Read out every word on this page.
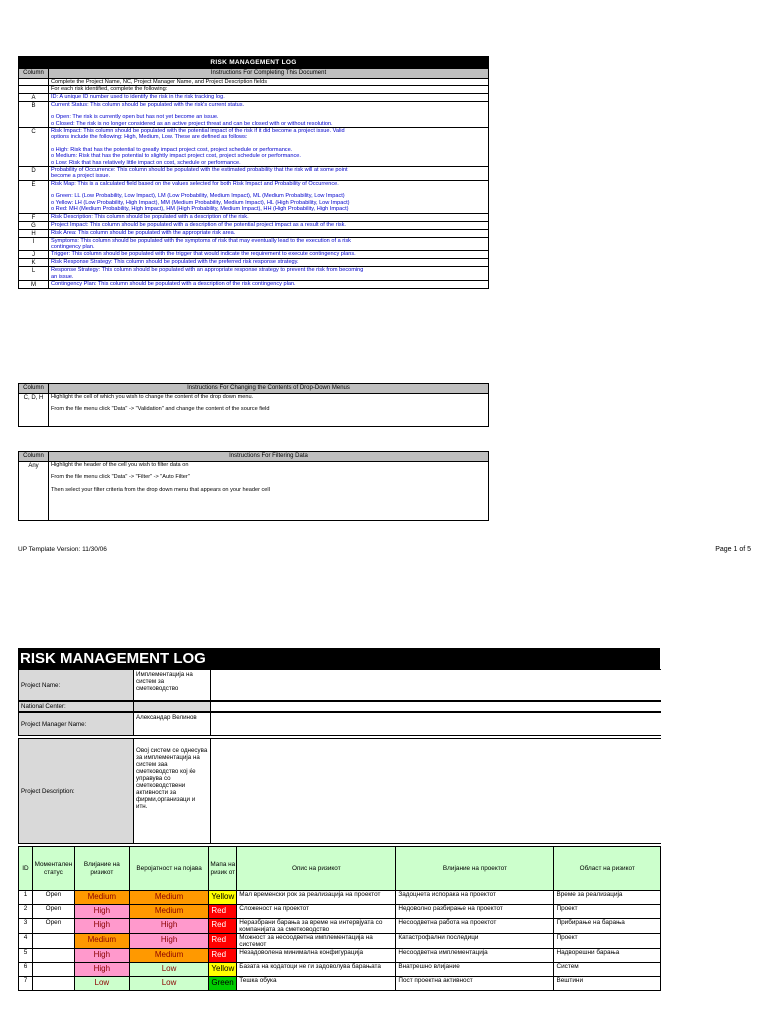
RISK MANAGEMENT LOG
Column	Instructions For Completing This Document

Complete the Project Name, NC, Project Manager Name, and Project Description fields

For each risk identified, complete the following:

A	ID: A unique ID number used to identify the risk in the risk tracking log.

B	Current Status: This column should be populated with the risk's current status.

o Open: The risk is currently open but has not yet become an issue.

o Closed: The risk is no longer considered as an active project threat and can be closed with or without resolution.

C	Risk Impact: This column should be populated with the potential impact of the risk if it did become a project issue. Valid

options include the following: High, Medium, Low. These are defined as follows:

o High: Risk that has the potential to greatly impact project cost, project schedule or performance.

o Medium: Risk that has the potential to slightly impact project cost, project schedule or performance.

o Low: Risk that has relatively little impact on cost, schedule or performance.

D	Probability of Occurrence: This column should be populated with the estimated probability that the risk will at some point

become a project issue.

E	Risk Map: This is a calculated field based on the values selected for both Risk Impact and Probability of Occurrence.

o Green: LL (Low Probability, Low Impact), LM (Low Probability, Medium Impact), ML (Medium Probability, Low Impact)

o Yellow: LH (Low Probability, High Impact), MM (Medium Probability, Medium Impact), HL (High Probability, Low Impact)

o Red: MH (Medium Probability, High Impact), HM (High Probability, Medium Impact), HH (High Probability, High Impact)

F	Risk Description: This column should be populated with a description of the risk.

G	Project Impact: This column should be populated with a description of the potential project impact as a result of the risk.

H	Risk Area: This column should be populated with the appropriate risk area.

I	Symptoms: This column should be populated with the symptoms of risk that may eventually lead to the execution of a risk

contingency plan.

J	Trigger: This column should be populated with the trigger that would indicate the requirement to execute contingency plans.

K	Risk Response Strategy: This column should be populated with the preferred risk response strategy.

L	Response Strategy: This column should be populated with an appropriate response strategy to prevent the risk from becoming

an issue.

M	Contingency Plan: This column should be populated with a description of the risk contingency plan.

Column	Instructions For Changing the Contents of Drop-Down Menus
C, D, H	Highlight the cell of which you wish to change the content of the drop down menu.

From the file menu click "Data" -> "Validation" and change the content of the source field

Column	Instructions For Filtering Data
Any	Highlight the header of the cell you wish to filter data on

From the file menu click "Data" -> "Filter" -> "Auto Filter"

Then select your filter criteria from the drop down menu that appears on your header cell

UP Template Version: 11/30/06	Page 1 of 5
RISK MANAGEMENT LOG
Project Name:
Имплементација на систем за сметководство
National Center:
Project Manager Name:
Александар Велинов
Project Description:
Овој систем се однесува за имплементација на систем заа сметководство кој ќе управува со сметководствени активности за фирми,организаци и итн.
ID	Моментален статус	Влијание на ризикот	Веројатност на појава	Мапа на ризик от	Опис на ризикот	Влијание на проектот	Област на ризикот
1	Open	Medium	Medium	Yellow	Мал временски рок за реализација на проектот	Задоцнета испорака на проектот	Време за реализација
2	Open	High	Medium	Red	Сложеност на проектот	Недоволно разбирање на проектот	Проект
3	Open	High	High	Red	Неразбрани барања за време на интервјуата со компанијата за сметководство	Несоодветна работа на проектот	Прибирање на барања
4		Medium	High	Red	Можност за несоодветна имплементација на системот	Катастрофални последици	Проект
5		High	Medium	Red	Незадоволена минимална конфигурација	Несоодветна имплементација	Надворешни барања
6		High	Low	Yellow	Базата на кодатоци не ги задоволува барањата	Внатрешно влијание	Систем
7		Low	Low	Green	Тешка обука	Пост проектна активност	Вештини
